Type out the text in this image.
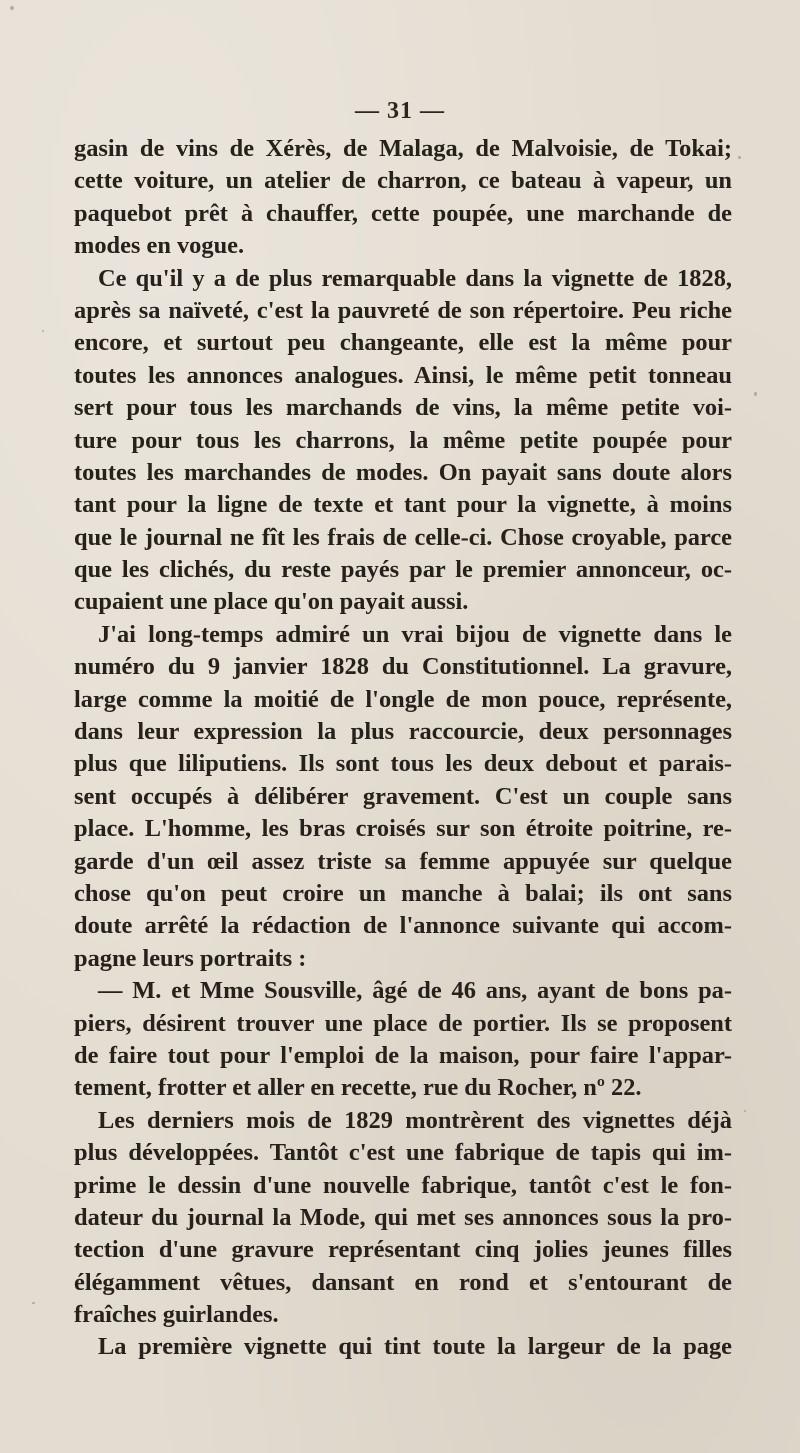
— 31 —
gasin de vins de Xérès, de Malaga, de Malvoisie, de Tokai;
cette voiture, un atelier de charron, ce bateau à vapeur, un
paquebot prêt à chauffer, cette poupée, une marchande de
modes en vogue.
Ce qu'il y a de plus remarquable dans la vignette de 1828,
après sa naïveté, c'est la pauvreté de son répertoire. Peu riche
encore, et surtout peu changeante, elle est la même pour
toutes les annonces analogues. Ainsi, le même petit tonneau
sert pour tous les marchands de vins, la même petite voi-
ture pour tous les charrons, la même petite poupée pour
toutes les marchandes de modes. On payait sans doute alors
tant pour la ligne de texte et tant pour la vignette, à moins
que le journal ne fît les frais de celle-ci. Chose croyable, parce
que les clichés, du reste payés par le premier annonceur, oc-
cupaient une place qu'on payait aussi.
J'ai long-temps admiré un vrai bijou de vignette dans le
numéro du 9 janvier 1828 du Constitutionnel. La gravure,
large comme la moitié de l'ongle de mon pouce, représente,
dans leur expression la plus raccourcie, deux personnages
plus que liliputiens. Ils sont tous les deux debout et parais-
sent occupés à délibérer gravement. C'est un couple sans
place. L'homme, les bras croisés sur son étroite poitrine, re-
garde d'un œil assez triste sa femme appuyée sur quelque
chose qu'on peut croire un manche à balai; ils ont sans
doute arrêté la rédaction de l'annonce suivante qui accom-
pagne leurs portraits :
— M. et Mme Sousville, âgé de 46 ans, ayant de bons pa-
piers, désirent trouver une place de portier. Ils se proposent
de faire tout pour l'emploi de la maison, pour faire l'appar-
tement, frotter et aller en recette, rue du Rocher, nº 22.
Les derniers mois de 1829 montrèrent des vignettes déjà
plus développées. Tantôt c'est une fabrique de tapis qui im-
prime le dessin d'une nouvelle fabrique, tantôt c'est le fon-
dateur du journal la Mode, qui met ses annonces sous la pro-
tection d'une gravure représentant cinq jolies jeunes filles
élégamment vêtues, dansant en rond et s'entourant de
fraîches guirlandes.
La première vignette qui tint toute la largeur de la page
